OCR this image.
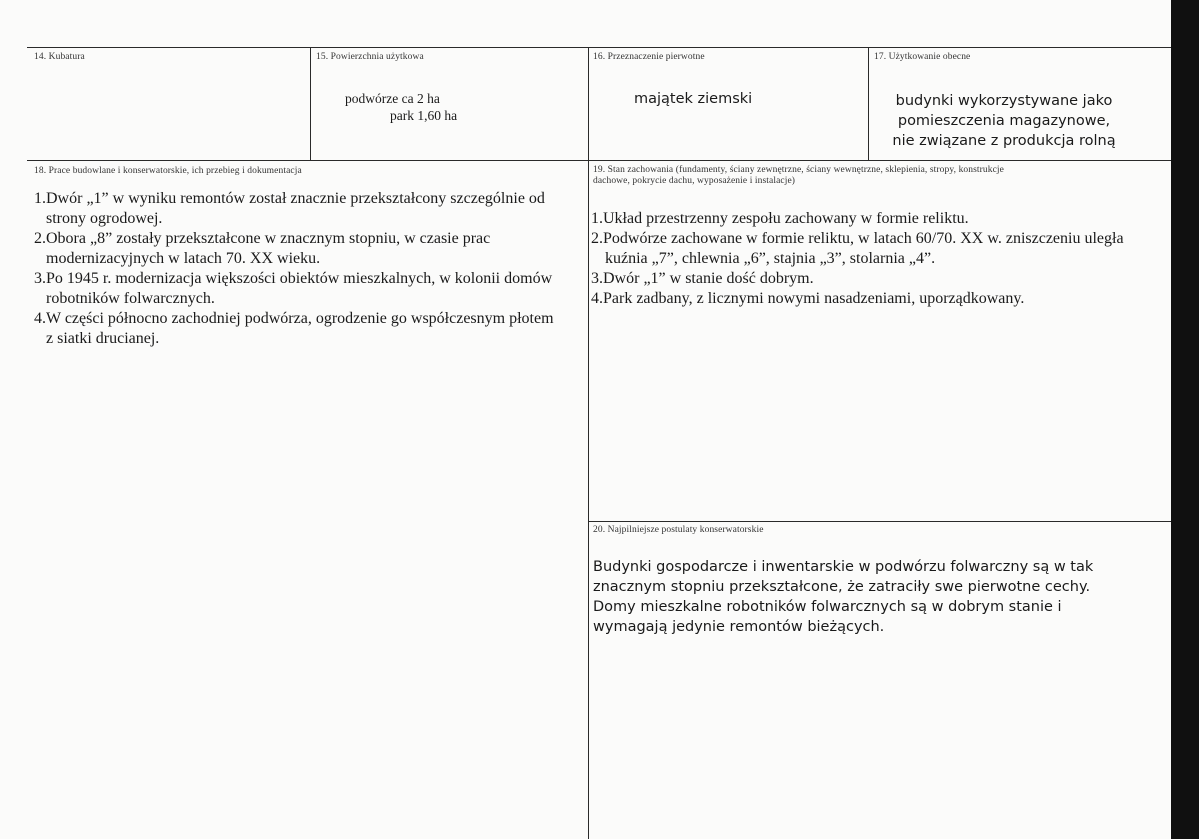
14. Kubatura	15. Powierzchnia użytkowa
podwórze ca 2 ha
park 1,60 ha
16. Przeznaczenie pierwotne
majątek ziemski
17. Użytkowanie obecne
budynki wykorzystywane jako pomieszczenia magazynowe, nie związane z produkcja rolną
18. Prace budowlane i konserwatorskie, ich przebieg i dokumentacja

1.Dwór „1” w wyniku remontów został znacznie przekształcony szczególnie od strony ogrodowej.

2.Obora „8” zostały przekształcone w znacznym stopniu, w czasie prac modernizacyjnych w latach 70. XX wieku.

3.Po 1945 r. modernizacja większości obiektów mieszkalnych, w kolonii domów robotników folwarcznych.

4.W części północno zachodniej podwórza, ogrodzenie go współczesnym płotem z siatki drucianej.

19. Stan zachowania (fundamenty, ściany zewnętrzne, ściany wewnętrzne, sklepienia, stropy, konstrukcje dachowe, pokrycie dachu, wyposażenie i instalacje)

1.Układ przestrzenny zespołu zachowany w formie reliktu.

2.Podwórze zachowane w formie reliktu, w latach 60/70. XX w. zniszczeniu uległa kuźnia „7”, chlewnia „6”, stajnia „3”, stolarnia „4”.

3.Dwór „1” w stanie dość dobrym.

4.Park zadbany, z licznymi nowymi nasadzeniami, uporządkowany.

20. Najpilniejsze postulaty konserwatorskie
Budynki gospodarcze i inwentarskie w podwórzu folwarczny są w tak znacznym stopniu przekształcone, że zatraciły swe pierwotne cechy. Domy mieszkalne robotników folwarcznych są w dobrym stanie i wymagają jedynie remontów bieżących.
